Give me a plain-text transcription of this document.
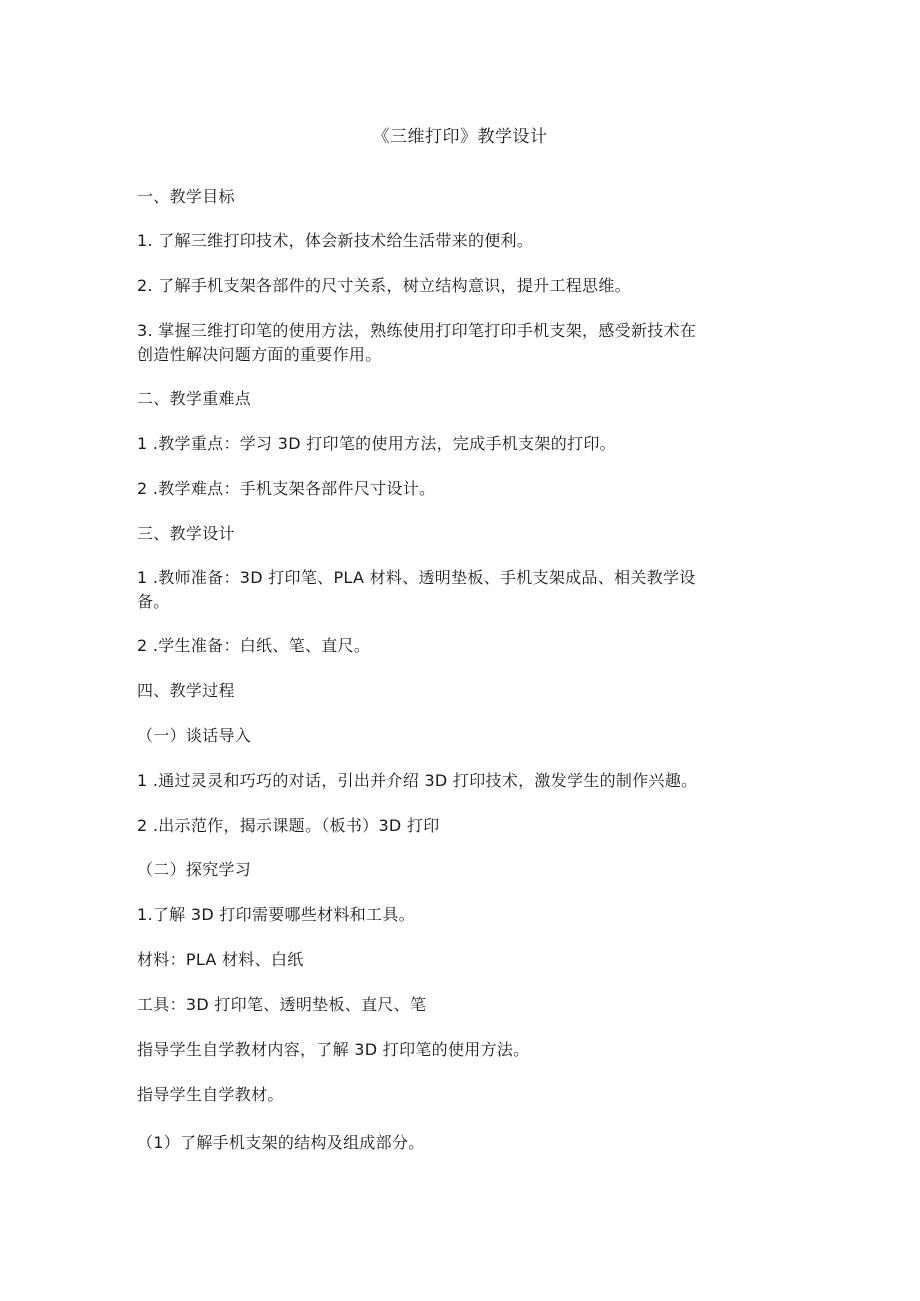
《三维打印》教学设计
一、教学目标
1. 了解三维打印技术，体会新技术给生活带来的便利。
2. 了解手机支架各部件的尺寸关系，树立结构意识，提升工程思维。
3. 掌握三维打印笔的使用方法，熟练使用打印笔打印手机支架，感受新技术在
创造性解决问题方面的重要作用。
二、教学重难点
1 .教学重点：学习 3D 打印笔的使用方法，完成手机支架的打印。
2 .教学难点：手机支架各部件尺寸设计。
三、教学设计
1 .教师准备：3D 打印笔、PLA 材料、透明垫板、手机支架成品、相关教学设
备。
2 .学生准备：白纸、笔、直尺。
四、教学过程
（一）谈话导入
1 .通过灵灵和巧巧的对话，引出并介绍 3D 打印技术，激发学生的制作兴趣。
2 .出示范作，揭示课题。（板书）3D 打印
（二）探究学习
1.了解 3D 打印需要哪些材料和工具。
材料：PLA 材料、白纸
工具：3D 打印笔、透明垫板、直尺、笔
指导学生自学教材内容，了解 3D 打印笔的使用方法。
指导学生自学教材。
（1）了解手机支架的结构及组成部分。
